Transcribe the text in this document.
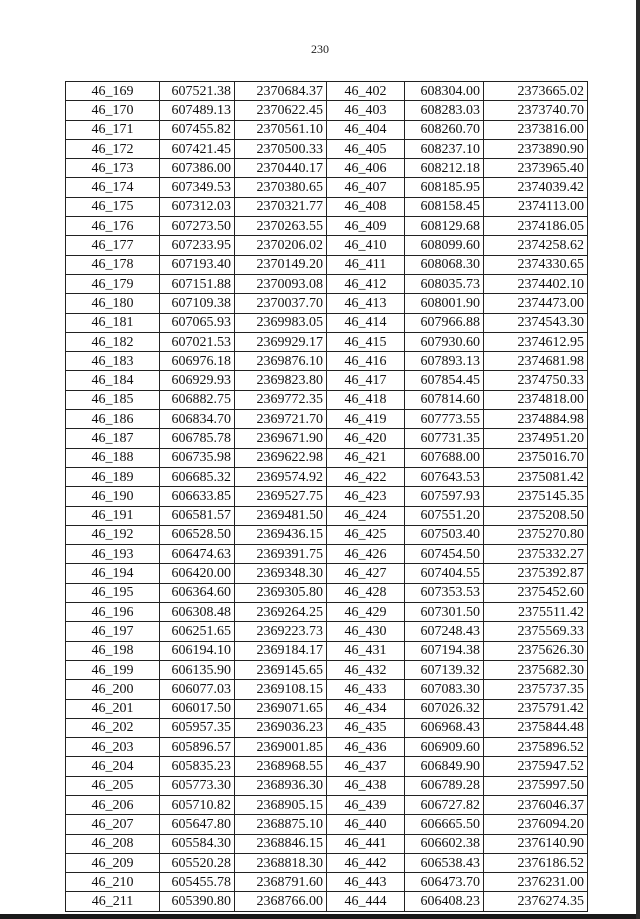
230
46_169	607521.38	2370684.37	46_402	608304.00	2373665.02
46_170	607489.13	2370622.45	46_403	608283.03	2373740.70
46_171	607455.82	2370561.10	46_404	608260.70	2373816.00
46_172	607421.45	2370500.33	46_405	608237.10	2373890.90
46_173	607386.00	2370440.17	46_406	608212.18	2373965.40
46_174	607349.53	2370380.65	46_407	608185.95	2374039.42
46_175	607312.03	2370321.77	46_408	608158.45	2374113.00
46_176	607273.50	2370263.55	46_409	608129.68	2374186.05
46_177	607233.95	2370206.02	46_410	608099.60	2374258.62
46_178	607193.40	2370149.20	46_411	608068.30	2374330.65
46_179	607151.88	2370093.08	46_412	608035.73	2374402.10
46_180	607109.38	2370037.70	46_413	608001.90	2374473.00
46_181	607065.93	2369983.05	46_414	607966.88	2374543.30
46_182	607021.53	2369929.17	46_415	607930.60	2374612.95
46_183	606976.18	2369876.10	46_416	607893.13	2374681.98
46_184	606929.93	2369823.80	46_417	607854.45	2374750.33
46_185	606882.75	2369772.35	46_418	607814.60	2374818.00
46_186	606834.70	2369721.70	46_419	607773.55	2374884.98
46_187	606785.78	2369671.90	46_420	607731.35	2374951.20
46_188	606735.98	2369622.98	46_421	607688.00	2375016.70
46_189	606685.32	2369574.92	46_422	607643.53	2375081.42
46_190	606633.85	2369527.75	46_423	607597.93	2375145.35
46_191	606581.57	2369481.50	46_424	607551.20	2375208.50
46_192	606528.50	2369436.15	46_425	607503.40	2375270.80
46_193	606474.63	2369391.75	46_426	607454.50	2375332.27
46_194	606420.00	2369348.30	46_427	607404.55	2375392.87
46_195	606364.60	2369305.80	46_428	607353.53	2375452.60
46_196	606308.48	2369264.25	46_429	607301.50	2375511.42
46_197	606251.65	2369223.73	46_430	607248.43	2375569.33
46_198	606194.10	2369184.17	46_431	607194.38	2375626.30
46_199	606135.90	2369145.65	46_432	607139.32	2375682.30
46_200	606077.03	2369108.15	46_433	607083.30	2375737.35
46_201	606017.50	2369071.65	46_434	607026.32	2375791.42
46_202	605957.35	2369036.23	46_435	606968.43	2375844.48
46_203	605896.57	2369001.85	46_436	606909.60	2375896.52
46_204	605835.23	2368968.55	46_437	606849.90	2375947.52
46_205	605773.30	2368936.30	46_438	606789.28	2375997.50
46_206	605710.82	2368905.15	46_439	606727.82	2376046.37
46_207	605647.80	2368875.10	46_440	606665.50	2376094.20
46_208	605584.30	2368846.15	46_441	606602.38	2376140.90
46_209	605520.28	2368818.30	46_442	606538.43	2376186.52
46_210	605455.78	2368791.60	46_443	606473.70	2376231.00
46_211	605390.80	2368766.00	46_444	606408.23	2376274.35
